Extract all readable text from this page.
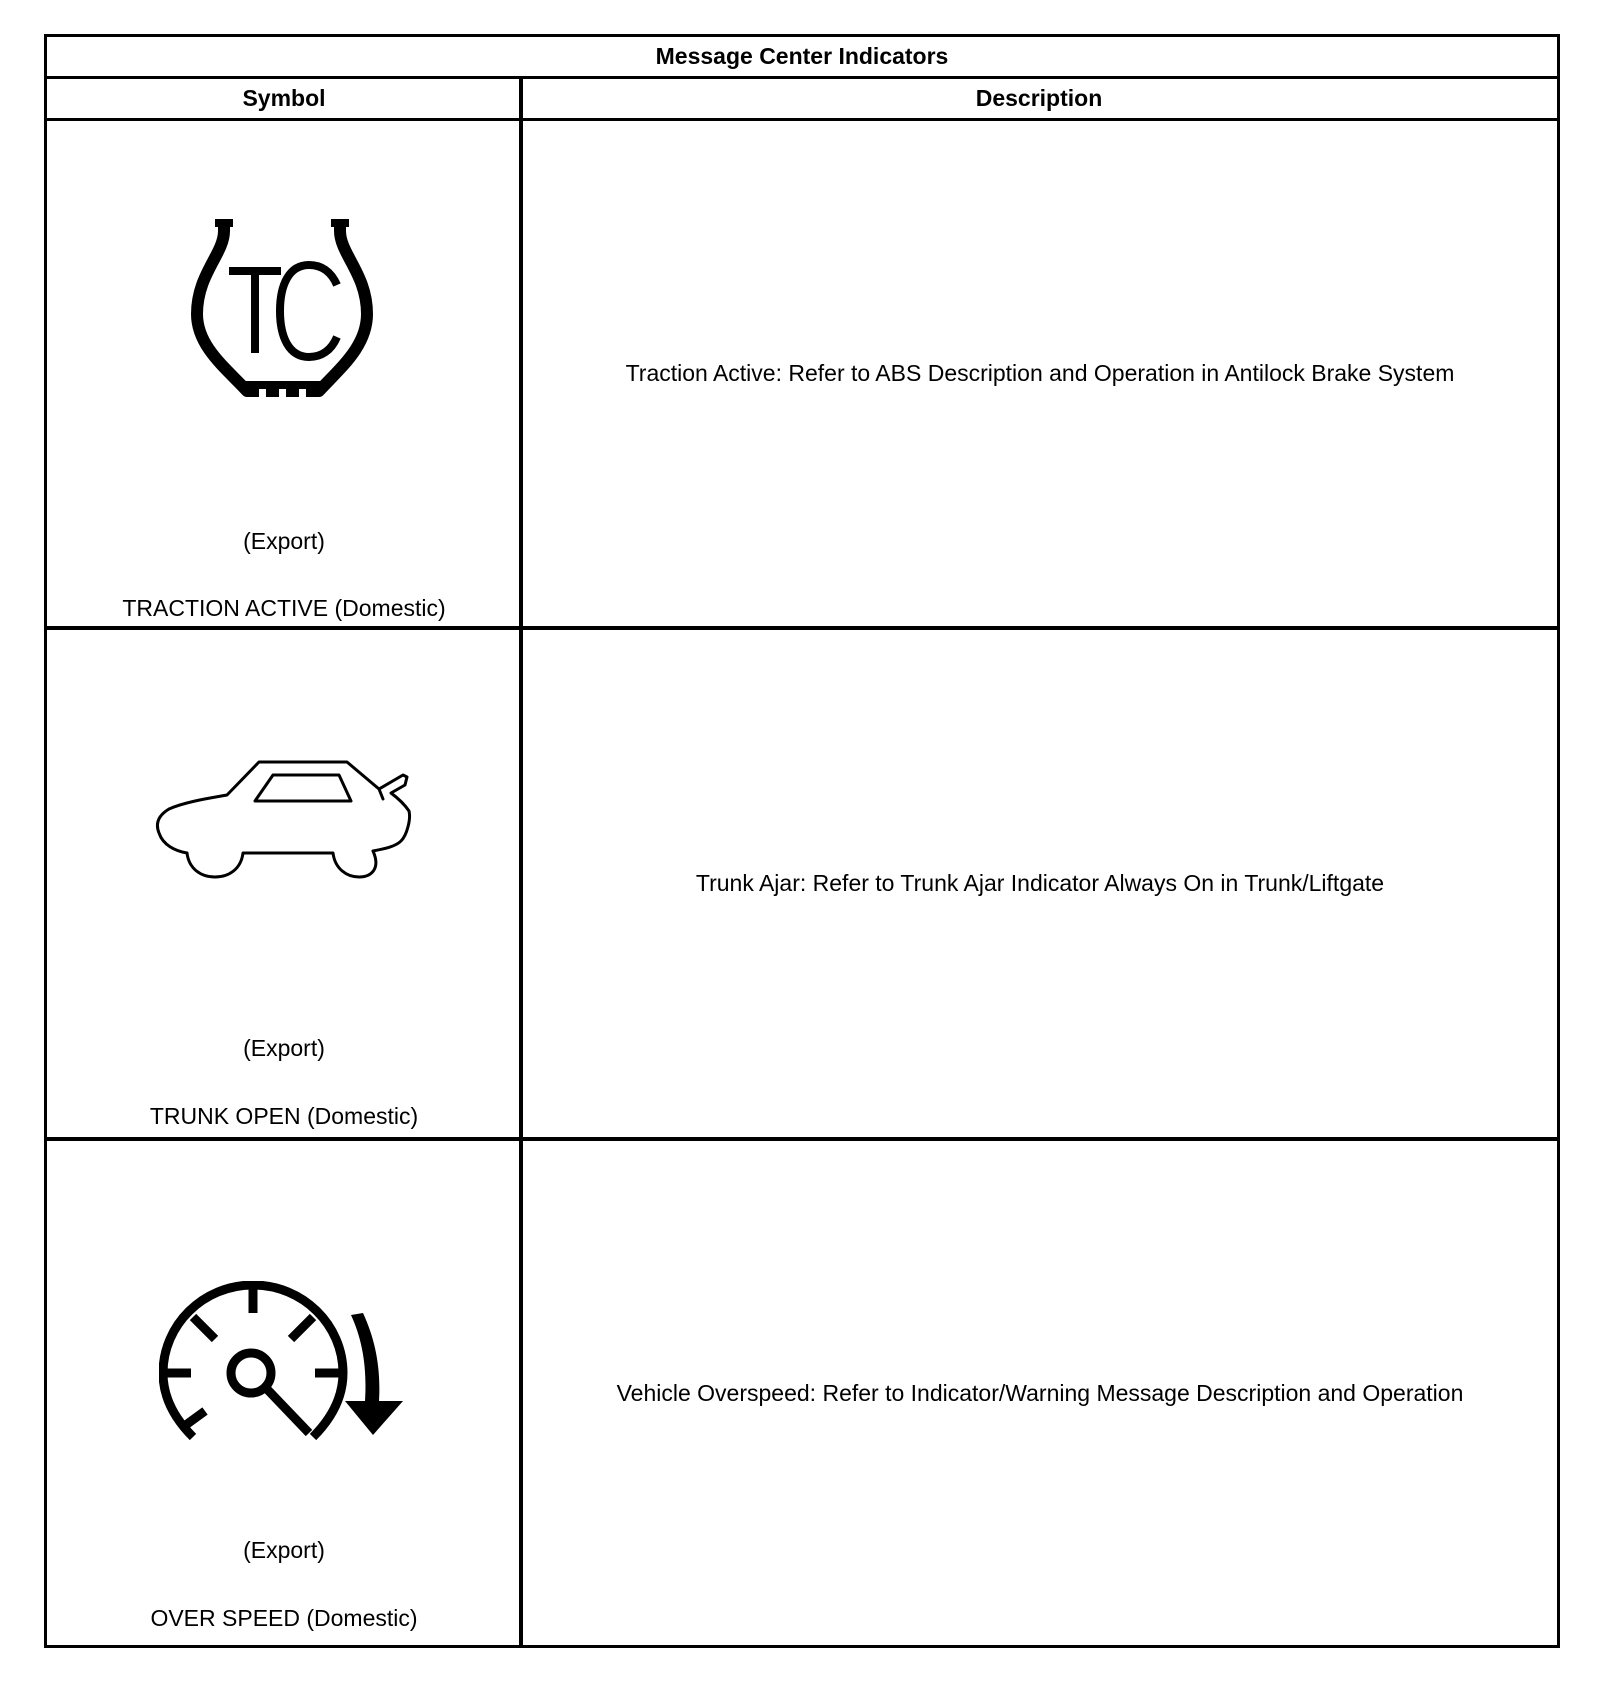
Message Center Indicators
Symbol	Description
(Export)
TRACTION ACTIVE (Domestic)
Traction Active: Refer to ABS Description and Operation in Antilock Brake System
(Export)
TRUNK OPEN (Domestic)
Trunk Ajar: Refer to Trunk Ajar Indicator Always On in Trunk/Liftgate
(Export)
OVER SPEED (Domestic)
Vehicle Overspeed: Refer to Indicator/Warning Message Description and Operation
